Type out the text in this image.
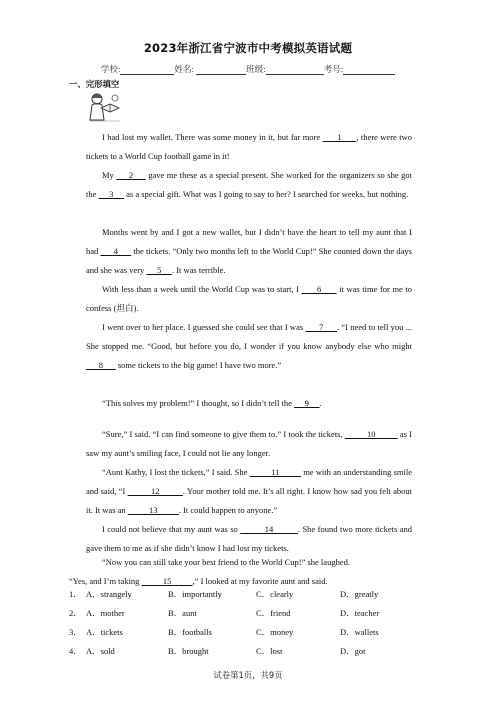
2023年浙江省宁波市中考模拟英语试题
学校:	姓名:	班级:	考号:
一、完形填空
I had lost my wallet. There was some money in it, but far more       1      , there were two tickets to a World Cup football game in it!
My      2      gave me these as a special present. She worked for the organizers so she got the      3      as a special gift. What was I going to say to her? I searched for weeks, but nothing.
Months went by and I got a new wallet, but I didn’t have the heart to tell my aunt that I had       4       the tickets. “Only two months left to the World Cup!” She counted down the days and she was very      5     . It was terrible.
With less than a week until the World Cup was to start, I       6       it was time for me to confess (坦白).
I went over to her place. I guessed she could see that I was       7      . “I need to tell you ... She stopped me. “Good, but before you do, I wonder if you know anybody else who might       8       some tickets to the big game! I have two more.”
“This solves my problem!” I thought, so I didn’t tell the      9     .
“Sure,” I said. “I can find someone to give them to.” I took the tickets,           10           as I saw my aunt’s smiling face, I could not lie any longer.
“Aunt Kathy, I lost the tickets,” I said. She           11           me with an understanding smile and said, “I           12          . Your mother told me. It’s all right. I know how sad you felt about it. It was an           13          . It could happen to anyone.”
I could not believe that my aunt was so           14          . She found two more tickets and gave them to me as if she didn’t know I had lost my tickets.
“Now you can still take your best friend to the World Cup!” she laughed.
“Yes, and I’m taking           15          ,” I looked at my favorite aunt and said.
1． A．strangely	B．importantly	C．clearly	D．greatly
2． A．mother	B．aunt	C．friend	D．teacher
3． A．tickets	B．footballs	C．money	D．wallets
4． A．sold	B．brought	C．lost	D．got
试卷第1页，共9页
